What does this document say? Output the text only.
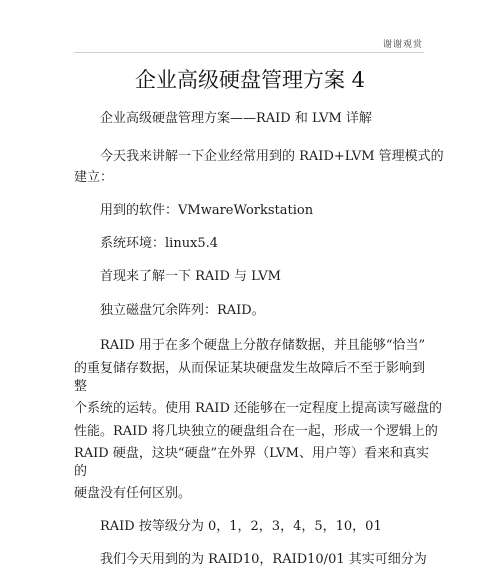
谢谢观赏
企业高级硬盘管理方案 4
企业高级硬盘管理方案——RAID 和 LVM 详解
今天我来讲解一下企业经常用到的 RAID+LVM 管理模式的
建立：
用到的软件：VMwareWorkstation
系统环境：linux5.4
首现来了解一下 RAID 与 LVM
独立磁盘冗余阵列：RAID。
RAID 用于在多个硬盘上分散存储数据，并且能够“恰当”
的重复储存数据，从而保证某块硬盘发生故障后不至于影响到
整
个系统的运转。使用 RAID 还能够在一定程度上提高读写磁盘的
性能。RAID 将几块独立的硬盘组合在一起，形成一个逻辑上的
RAID 硬盘，这块“硬盘”在外界（LVM、用户等）看来和真实
的
硬盘没有任何区别。
RAID 按等级分为 0，1，2，3，4，5，10，01
我们今天用到的为 RAID10，RAID10/01 其实可细分为
